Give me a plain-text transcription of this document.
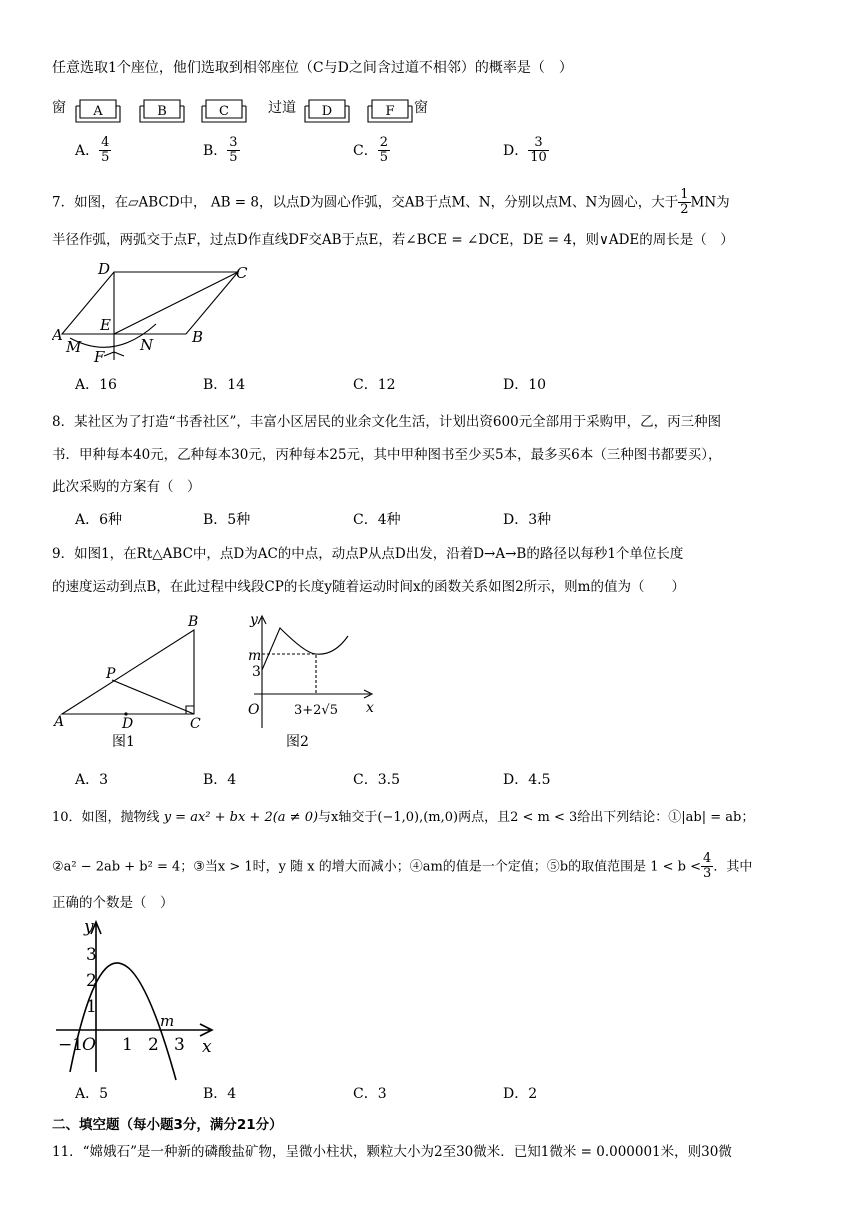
任意选取1个座位，他们选取到相邻座位（C与D之间含过道不相邻）的概率是（　）
窗 A	B	C	D	F
过道	窗
A． $\frac{4}{5}$	B． $\frac{3}{5}$	C． $\frac{2}{5}$	D． $\frac{3}{10}$
7．如图，在▱ABCD中， AB = 8，以点D为圆心作弧，交AB于点M、N，分别以点M、N为圆心，大于 $\frac{1}{2}$ MN为
半径作弧，两弧交于点F，过点D作直线DF交AB于点E，若∠BCE = ∠DCE，DE = 4，则∨ADE的周长是（　）
D	C
A
E
B
M	N
F
A．16	B．14	C．12	D．10
8．某社区为了打造“书香社区”，丰富小区居民的业余文化生活，计划出资600元全部用于采购甲，乙，丙三种图
书．甲种每本40元，乙种每本30元，丙种每本25元，其中甲种图书至少买5本，最多买6本（三种图书都要买），
此次采购的方案有（　）
A．6种	B．5种	C．4种	D．3种
9．如图1，在Rt△ABC中，点D为AC的中点，动点P从点D出发，沿着D→A→B的路径以每秒1个单位长度
的速度运动到点B，在此过程中线段CP的长度y随着运动时间x的函数关系如图2所示，则m的值为（　　）
B
P
A	D	C
图1
y
m
3
O	3+2√5 x
图2
A．3	B．4	C．3.5	D．4.5
10．如图，抛物线 y = ax² + bx + 2(a ≠ 0)与x轴交于(−1,0),(m,0)两点，且2 < m < 3给出下列结论：①|ab| = ab；
②a² − 2ab + b² = 4；③当x > 1时，y 随 x 的增大而减小；④am的值是一个定值；⑤b的取值范围是 $1 < b < \frac{4}{3}$ ．其中
正确的个数是（　）
y
3
2
1
−1
O 1 2 3
m
x
A．5	B．4	C．3	D．2
二、填空题（每小题3分，满分21分）
11．“嫦娥石”是一种新的磷酸盐矿物，呈微小柱状，颗粒大小为2至30微米．已知1微米 = 0.000001米，则30微
